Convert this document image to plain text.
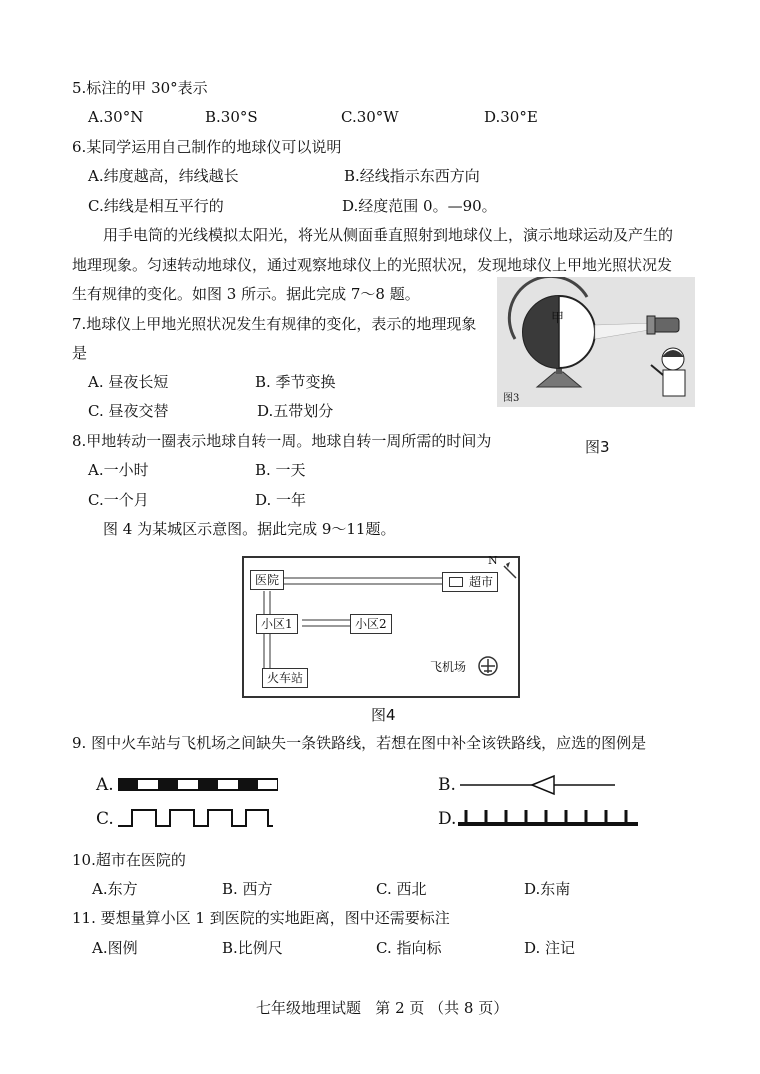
5.标注的甲 30°表示
A.30°N	B.30°S	C.30°W	D.30°E
6.某同学运用自己制作的地球仪可以说明
A.纬度越高，纬线越长	B.经线指示东西方向
C.纬线是相互平行的	D.经度范围 0。—90。
用手电筒的光线模拟太阳光，将光从侧面垂直照射到地球仪上，演示地球运动及产生的
地理现象。匀速转动地球仪，通过观察地球仪上的光照状况，发现地球仪上甲地光照状况发
生有规律的变化。如图 3 所示。据此完成 7～8 题。
甲
图3
图3
7.地球仪上甲地光照状况发生有规律的变化，表示的地理现象
是
A. 昼夜长短	B. 季节变换
C. 昼夜交替	D.五带划分
8.甲地转动一圈表示地球自转一周。地球自转一周所需的时间为
A.一小时	B. 一天
C.一个月	D. 一年
图 4 为某城区示意图。据此完成 9～11题。
医院	超市
小区1	小区2
火车站
飞机场
N
图4
9. 图中火车站与飞机场之间缺失一条铁路线，若想在图中补全该铁路线，应选的图例是
A.	B.
C.	D.
10.超市在医院的
A.东方	B. 西方	C. 西北	D.东南
11. 要想量算小区 1 到医院的实地距离，图中还需要标注
A.图例	B.比例尺	C. 指向标	D. 注记
七年级地理试题   第 2 页 （共 8 页）
